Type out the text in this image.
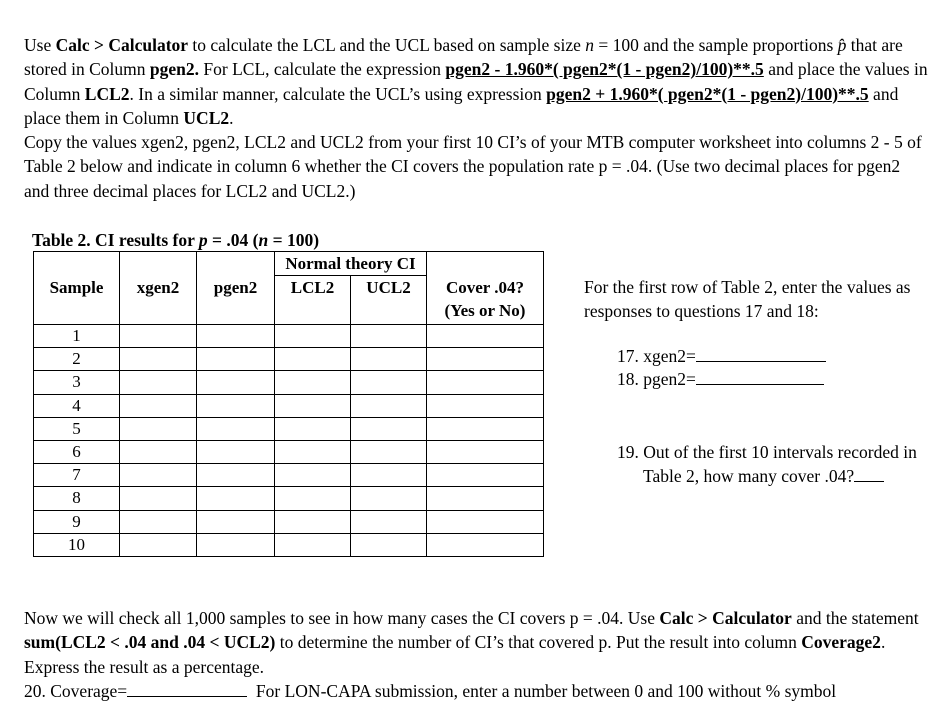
Use Calc > Calculator to calculate the LCL and the UCL based on sample size n = 100 and the sample proportions p̂ that are stored in Column pgen2. For LCL, calculate the expression pgen2 - 1.960*( pgen2*(1 - pgen2)/100)**.5 and place the values in Column LCL2. In a similar manner, calculate the UCL’s using expression pgen2 + 1.960*( pgen2*(1 - pgen2)/100)**.5 and place them in Column UCL2.

Copy the values xgen2, pgen2, LCL2 and UCL2 from your first 10 CI’s of your MTB computer worksheet into columns 2 - 5 of Table 2 below and indicate in column 6 whether the CI covers the population rate p = .04. (Use two decimal places for pgen2 and three decimal places for LCL2 and UCL2.)

Table 2. CI results for p = .04 (n = 100)
			Normal theory CI		
Sample	xgen2	pgen2	LCL2	UCL2	Cover .04?
(Yes or No)
1					
2					
3					
4					
5					
6					
7					
8					
9					
10					
For the first row of Table 2, enter the values as responses to questions 17 and 18:
17. xgen2=
18. pgen2=
19. Out of the first 10 intervals recorded in Table 2, how many cover .04?

Now we will check all 1,000 samples to see in how many cases the CI covers p = .04. Use Calc > Calculator and the statement sum(LCL2 < .04 and .04 < UCL2) to determine the number of CI’s that covered p. Put the result into column Coverage2. Express the result as a percentage.

20. Coverage=	For LON-CAPA submission, enter a number between 0 and 100 without % symbol
